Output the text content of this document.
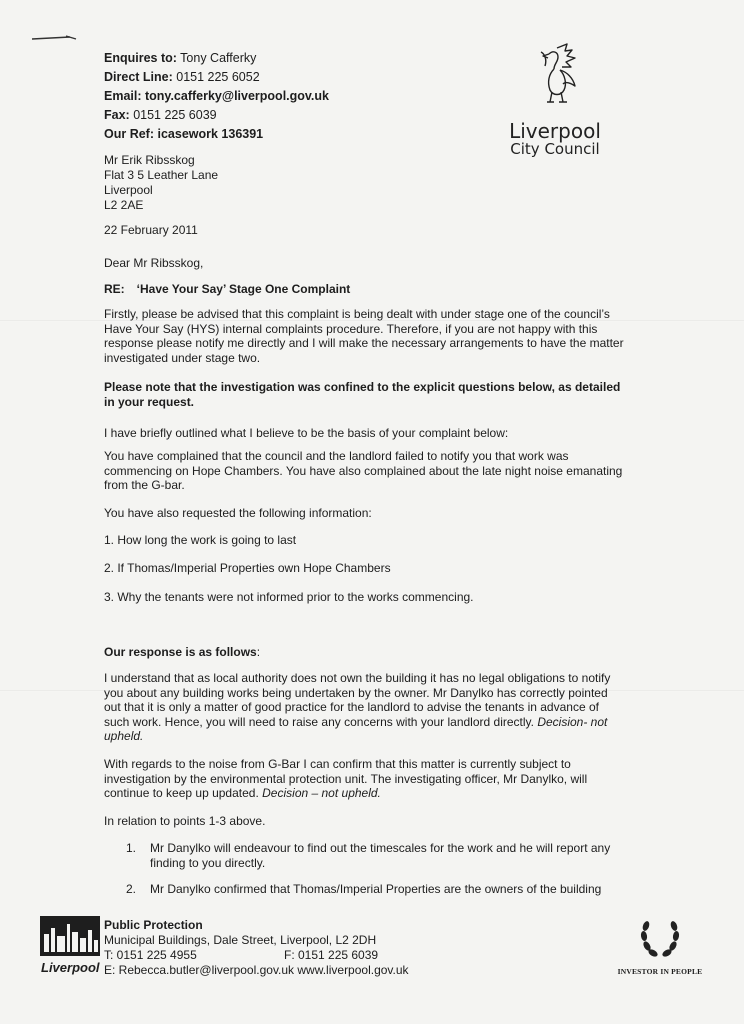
Enquires to: Tony Cafferky
Direct Line: 0151 225 6052
Email: tony.cafferky@liverpool.gov.uk
Fax: 0151 225 6039
Our Ref: icasework 136391	Liverpool
City Council
Mr Erik Ribsskog
Flat 3 5 Leather Lane
Liverpool
L2 2AE
22 February 2011
Dear Mr Ribsskog,
RE: ‘Have Your Say’ Stage One Complaint
Firstly, please be advised that this complaint is being dealt with under stage one of the council’s Have Your Say (HYS) internal complaints procedure. Therefore, if you are not happy with this response please notify me directly and I will make the necessary arrangements to have the matter investigated under stage two.
Please note that the investigation was confined to the explicit questions below, as detailed in your request.
I have briefly outlined what I believe to be the basis of your complaint below:
You have complained that the council and the landlord failed to notify you that work was commencing on Hope Chambers. You have also complained about the late night noise emanating from the G-bar.
You have also requested the following information:
1. How long the work is going to last
2. If Thomas/Imperial Properties own Hope Chambers
3. Why the tenants were not informed prior to the works commencing.
Our response is as follows:
I understand that as local authority does not own the building it has no legal obligations to notify you about any building works being undertaken by the owner. Mr Danylko has correctly pointed out that it is only a matter of good practice for the landlord to advise the tenants in advance of such work. Hence, you will need to raise any concerns with your landlord directly. Decision- not upheld.
With regards to the noise from G-Bar I can confirm that this matter is currently subject to investigation by the environmental protection unit. The investigating officer, Mr Danylko, will continue to keep up updated. Decision – not upheld.
In relation to points 1-3 above.
1. Mr Danylko will endeavour to find out the timescales for the work and he will report any finding to you directly.
2. Mr Danylko confirmed that Thomas/Imperial Properties are the owners of the building
Liverpool
Public Protection
Municipal Buildings, Dale Street, Liverpool, L2 2DH
T: 0151 225 4955	F: 0151 225 6039

E: Rebecca.butler@liverpool.gov.uk www.liverpool.gov.uk	INVESTOR IN PEOPLE
